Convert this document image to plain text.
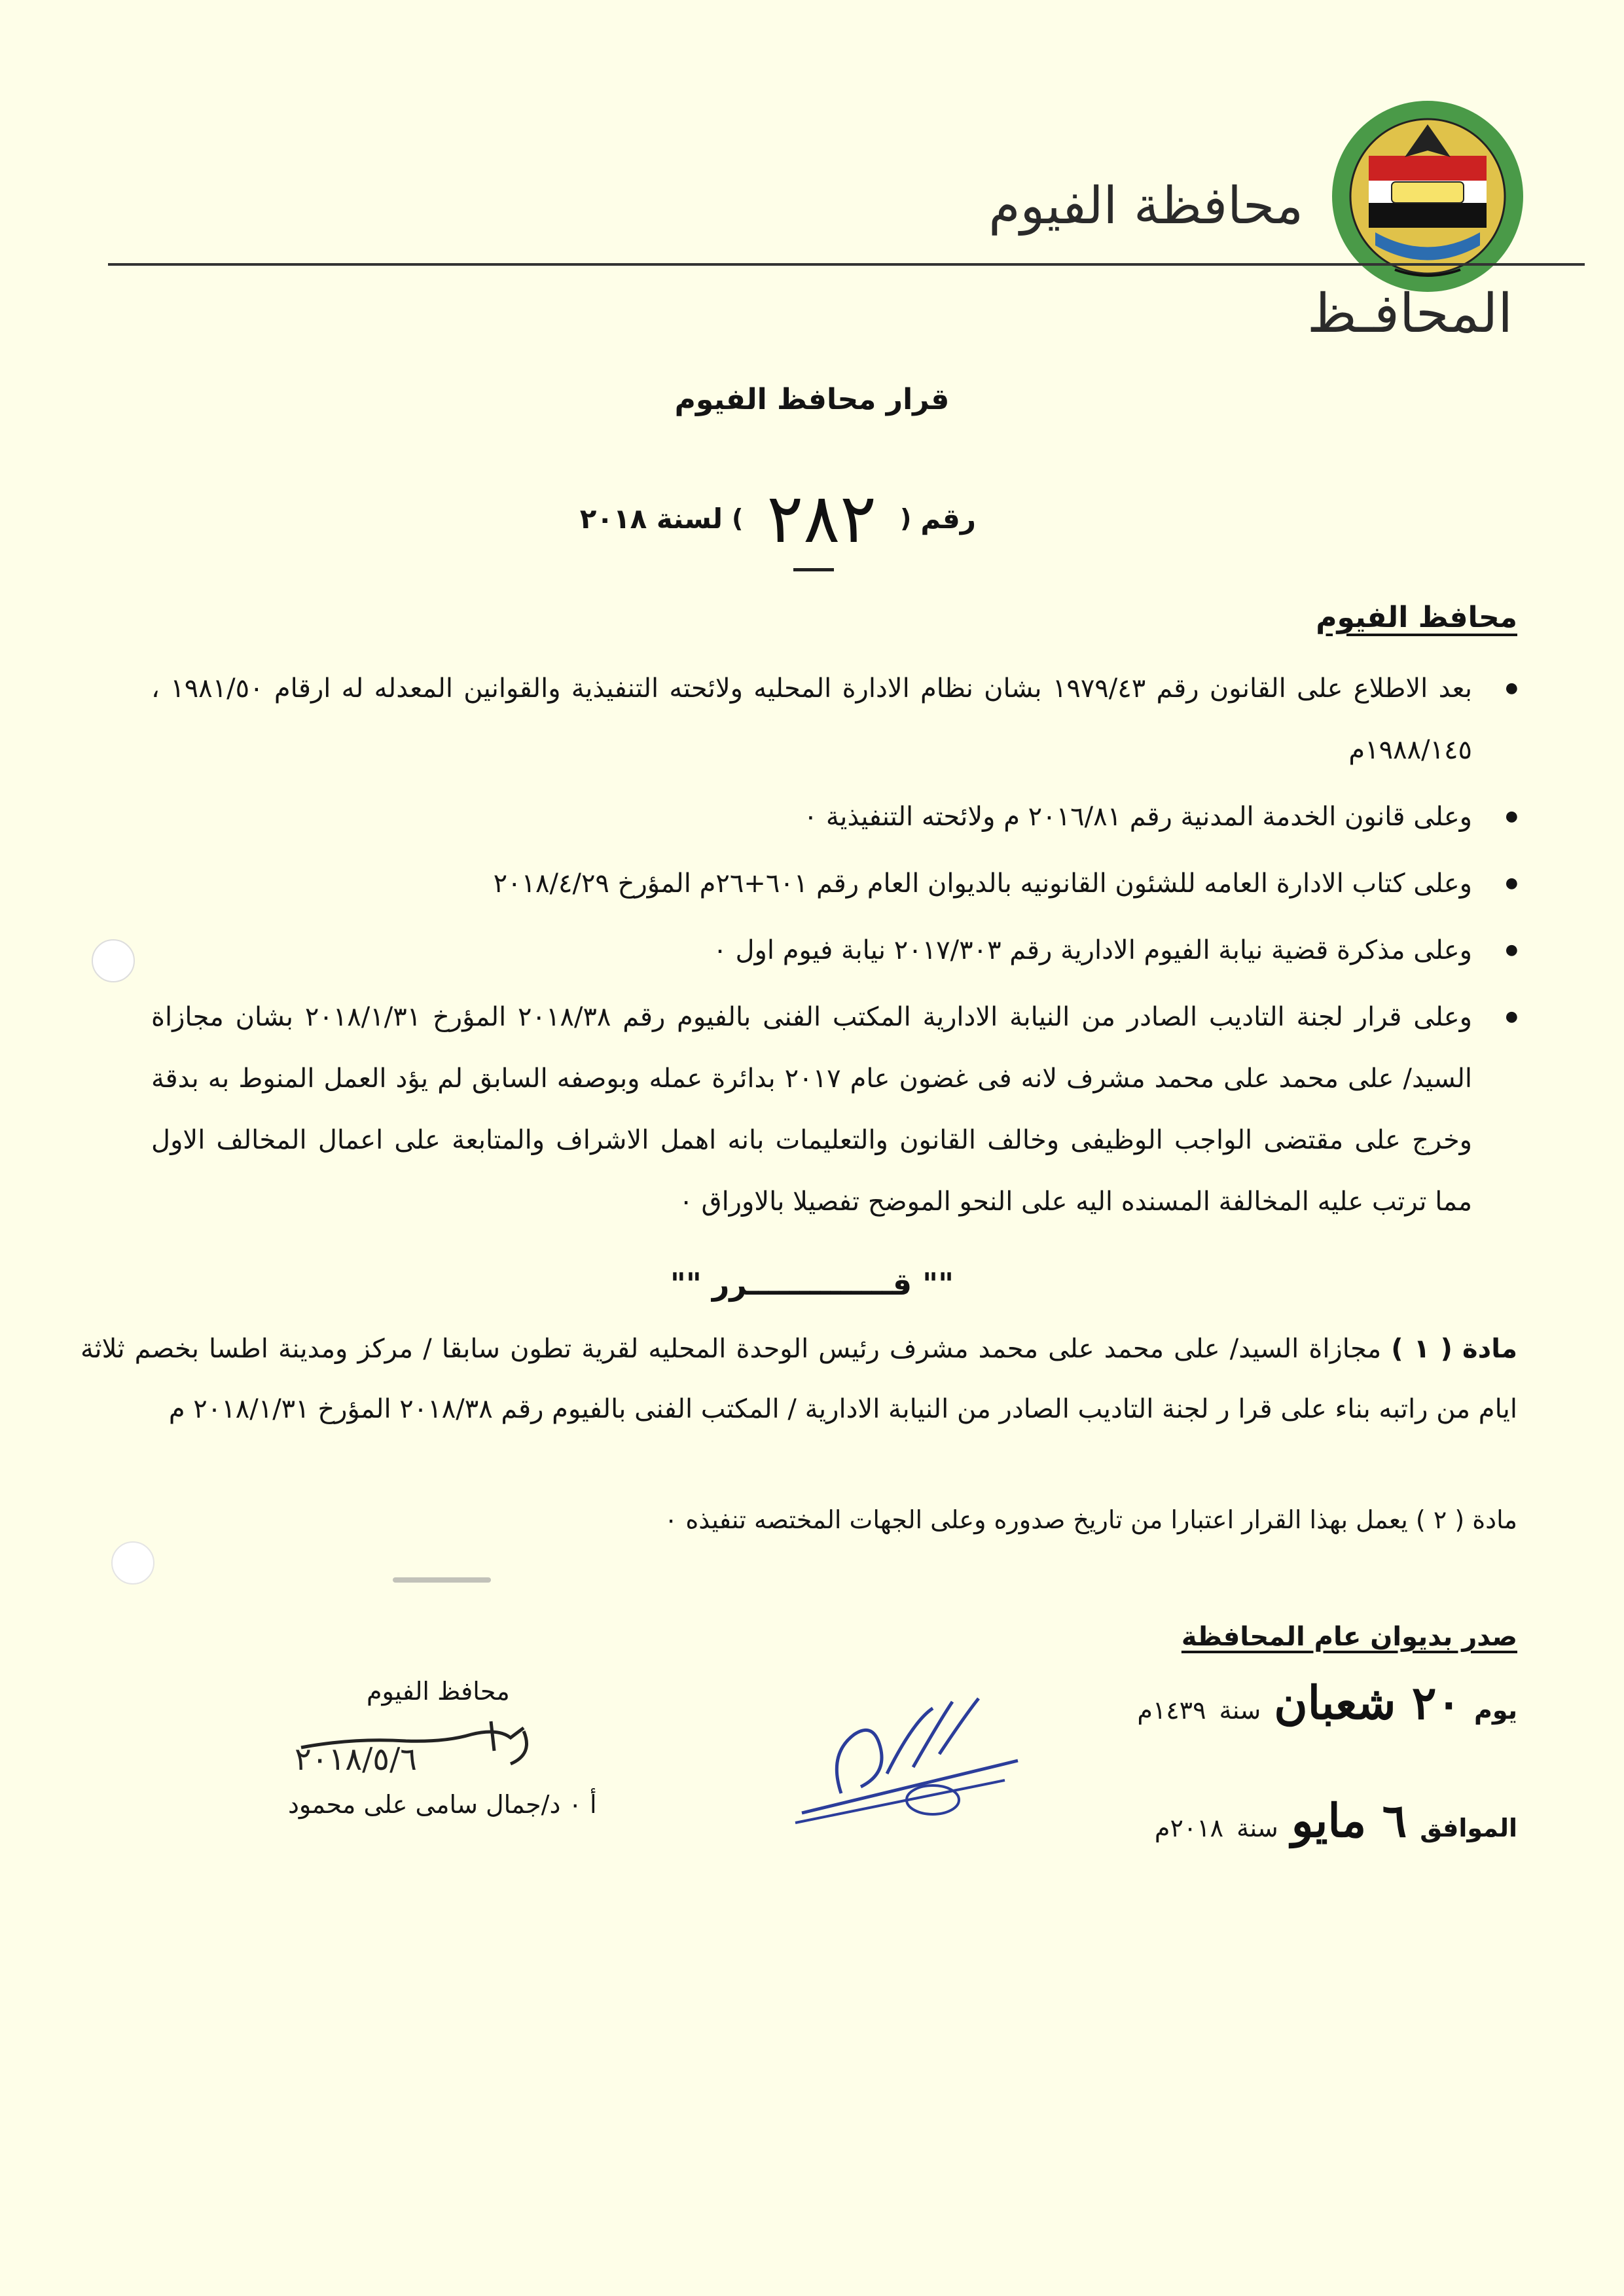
محافظة الفيوم
المحافـظ
قرار محافظ الفيوم
رقم
(
٢٨٢
)
لسنة ٢٠١٨
محافظ الفيوم
● بعد الاطلاع على القانون رقم ١٩٧٩/٤٣ بشان نظام الادارة المحليه ولائحته التنفيذية والقوانين المعدله له ارقام ١٩٨١/٥٠ ، ١٩٨٨/١٤٥م
● وعلى قانون الخدمة المدنية رقم ٢٠١٦/٨١ م ولائحته التنفيذية ٠
● وعلى كتاب الادارة العامه للشئون القانونيه بالديوان العام رقم ٦٠١+٢٦م المؤرخ ٢٠١٨/٤/٢٩
● وعلى مذكرة قضية نيابة الفيوم الادارية رقم ٢٠١٧/٣٠٣ نيابة فيوم اول ٠
● وعلى قرار لجنة التاديب الصادر من النيابة الادارية المكتب الفنى بالفيوم رقم ٢٠١٨/٣٨ المؤرخ ٢٠١٨/١/٣١ بشان مجازاة السيد/ على محمد على محمد مشرف لانه فى غضون عام ٢٠١٧ بدائرة عمله وبوصفه السابق لم يؤد العمل المنوط به بدقة وخرج على مقتضى الواجب الوظيفى وخالف القانون والتعليمات بانه اهمل الاشراف والمتابعة على اعمال المخالف الاول مما ترتب عليه المخالفة المسنده اليه على النحو الموضح تفصيلا بالاوراق ٠
"" قــــــــــــــرر ""

مادة ( ١ ) مجازاة السيد/ على محمد على محمد مشرف رئيس الوحدة المحليه لقرية تطون سابقا / مركز ومدينة اطسا بخصم ثلاثة ايام من راتبه بناء على قرا ر لجنة التاديب الصادر من النيابة الادارية / المكتب الفنى بالفيوم رقم ٢٠١٨/٣٨ المؤرخ ٢٠١٨/١/٣١ م

مادة ( ٢ ) يعمل بهذا القرار اعتبارا من تاريخ صدوره وعلى الجهات المختصه تنفيذه ٠
صدر بديوان عام المحافظة
يوم
٢٠ شعبان
سنة
١٤٣٩م
الموافق
٦ مايو
سنة
٢٠١٨م
محافظ الفيوم
٢٠١٨/٥/٦
أ ٠ د/جمال سامى على محمود
